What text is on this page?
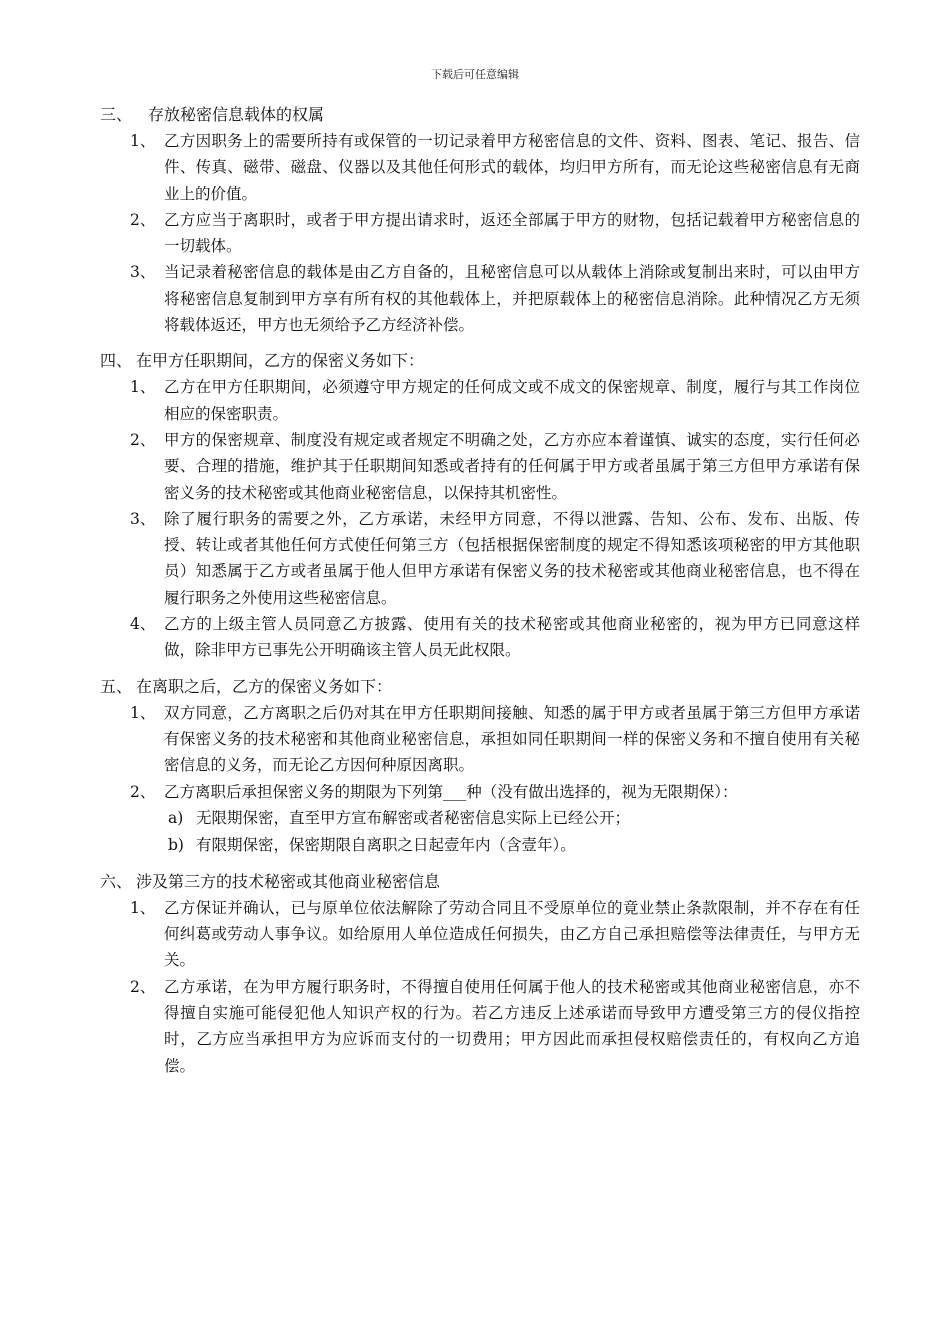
下载后可任意编辑
三、 存放秘密信息载体的权属
1、 乙方因职务上的需要所持有或保管的一切记录着甲方秘密信息的文件、资料、图表、笔记、报告、信件、传真、磁带、磁盘、仪器以及其他任何形式的载体，均归甲方所有，而无论这些秘密信息有无商业上的价值。
2、 乙方应当于离职时，或者于甲方提出请求时，返还全部属于甲方的财物，包括记载着甲方秘密信息的一切载体。
3、 当记录着秘密信息的载体是由乙方自备的，且秘密信息可以从载体上消除或复制出来时，可以由甲方将秘密信息复制到甲方享有所有权的其他载体上，并把原载体上的秘密信息消除。此种情况乙方无须将载体返还，甲方也无须给予乙方经济补偿。
四、 在甲方任职期间，乙方的保密义务如下：
1、 乙方在甲方任职期间，必须遵守甲方规定的任何成文或不成文的保密规章、制度，履行与其工作岗位相应的保密职责。
2、 甲方的保密规章、制度没有规定或者规定不明确之处，乙方亦应本着谨慎、诚实的态度，实行任何必要、合理的措施，维护其于任职期间知悉或者持有的任何属于甲方或者虽属于第三方但甲方承诺有保密义务的技术秘密或其他商业秘密信息，以保持其机密性。
3、 除了履行职务的需要之外，乙方承诺，未经甲方同意，不得以泄露、告知、公布、发布、出版、传授、转让或者其他任何方式使任何第三方（包括根据保密制度的规定不得知悉该项秘密的甲方其他职员）知悉属于乙方或者虽属于他人但甲方承诺有保密义务的技术秘密或其他商业秘密信息，也不得在履行职务之外使用这些秘密信息。
4、 乙方的上级主管人员同意乙方披露、使用有关的技术秘密或其他商业秘密的，视为甲方已同意这样做，除非甲方已事先公开明确该主管人员无此权限。
五、 在离职之后，乙方的保密义务如下：
1、 双方同意，乙方离职之后仍对其在甲方任职期间接触、知悉的属于甲方或者虽属于第三方但甲方承诺有保密义务的技术秘密和其他商业秘密信息，承担如同任职期间一样的保密义务和不擅自使用有关秘密信息的义务，而无论乙方因何种原因离职。
2、 乙方离职后承担保密义务的期限为下列第___种（没有做出选择的，视为无限期保）：
a) 无限期保密，直至甲方宣布解密或者秘密信息实际上已经公开；
b) 有限期保密，保密期限自离职之日起壹年内（含壹年）。
六、 涉及第三方的技术秘密或其他商业秘密信息
1、 乙方保证并确认，已与原单位依法解除了劳动合同且不受原单位的竟业禁止条款限制，并不存在有任何纠葛或劳动人事争议。如给原用人单位造成任何损失，由乙方自己承担赔偿等法律责任，与甲方无关。
2、 乙方承诺，在为甲方履行职务时，不得擅自使用任何属于他人的技术秘密或其他商业秘密信息，亦不得擅自实施可能侵犯他人知识产权的行为。若乙方违反上述承诺而导致甲方遭受第三方的侵仪指控时，乙方应当承担甲方为应诉而支付的一切费用；甲方因此而承担侵权赔偿责任的，有权向乙方追偿。
